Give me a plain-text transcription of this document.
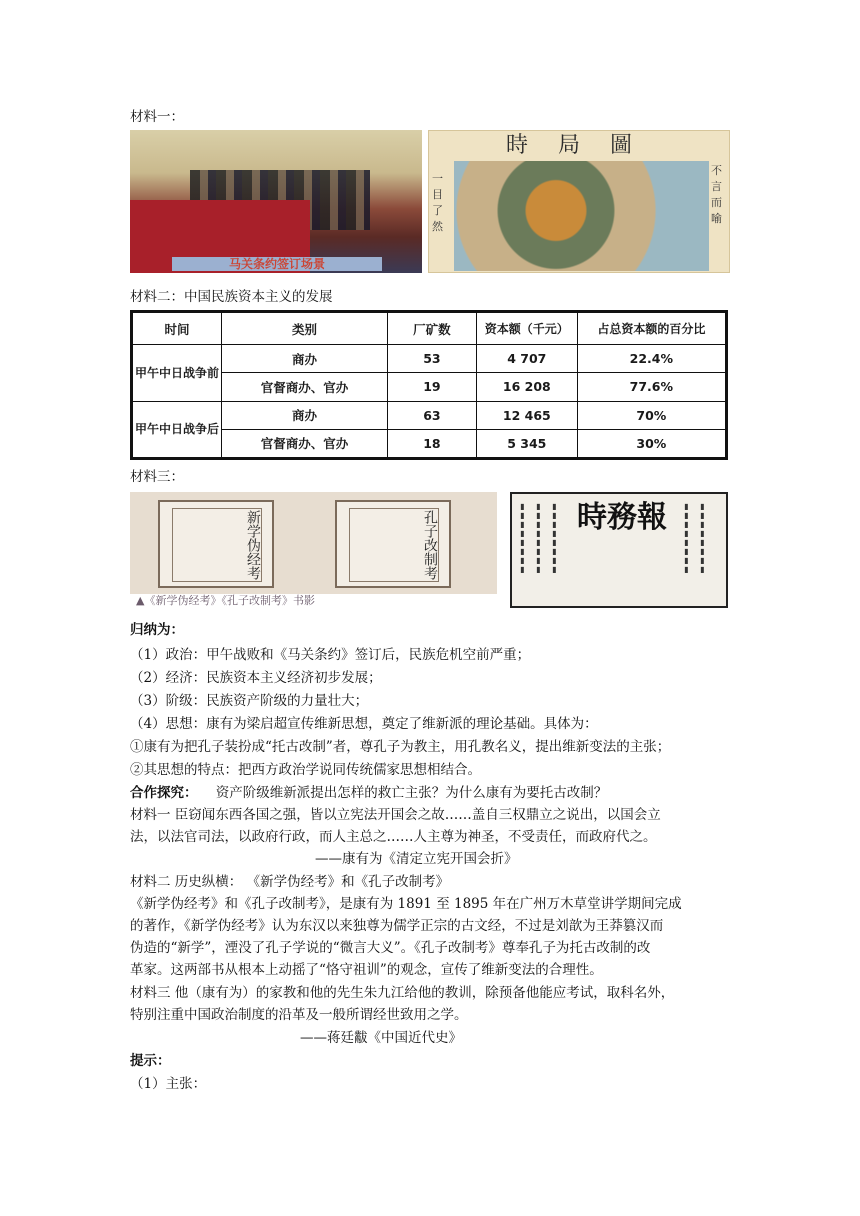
材料一：
马关条约签订场景
時局圖
一目了然
不言而喻
材料二：中国民族资本主义的发展
时间	类别	厂矿数	资本额（千元）	占总资本额的百分比
甲午中日战争前	商办	53	4 707	22.4%
	官督商办、官办	19	16 208	77.6%
甲午中日战争后	商办	63	12 465	70%
	官督商办、官办	18	5 345	30%
材料三：
新学伪经考	孔子改制考
▲《新学伪经考》《孔子改制考》书影
▮▮▮▮▮▮▮▮ ▮▮▮▮▮▮▮▮ ▮▮▮▮▮▮▮▮ 時務報	▮▮▮▮▮▮▮▮ ▮▮▮▮▮▮▮▮
归纳为：
（1）政治：甲午战败和《马关条约》签订后，民族危机空前严重；
（2）经济：民族资本主义经济初步发展；
（3）阶级：民族资产阶级的力量壮大；
（4）思想：康有为梁启超宣传维新思想，奠定了维新派的理论基础。具体为：
①康有为把孔子装扮成“托古改制”者，尊孔子为教主，用孔教名义，提出维新变法的主张；
②其思想的特点：把西方政治学说同传统儒家思想相结合。
合作探究： 资产阶级维新派提出怎样的救亡主张？为什么康有为要托古改制？
材料一 臣窃闻东西各国之强，皆以立宪法开国会之故……盖自三权鼎立之说出，以国会立
法，以法官司法，以政府行政，而人主总之……人主尊为神圣，不受责任，而政府代之。
——康有为《清定立宪开国会折》
材料二 历史纵横： 《新学伪经考》和《孔子改制考》
《新学伪经考》和《孔子改制考》，是康有为 1891 至 1895 年在广州万木草堂讲学期间完成
的著作，《新学伪经考》认为东汉以来独尊为儒学正宗的古文经，不过是刘歆为王莽篡汉而
伪造的“新学”，湮没了孔子学说的“微言大义”。《孔子改制考》尊奉孔子为托古改制的改
革家。这两部书从根本上动摇了“恪守祖训”的观念，宣传了维新变法的合理性。
材料三 他（康有为）的家教和他的先生朱九江给他的教训，除预备他能应考试，取科名外，
特别注重中国政治制度的沿革及一般所谓经世致用之学。
——蒋廷黻《中国近代史》
提示：
（1）主张：
